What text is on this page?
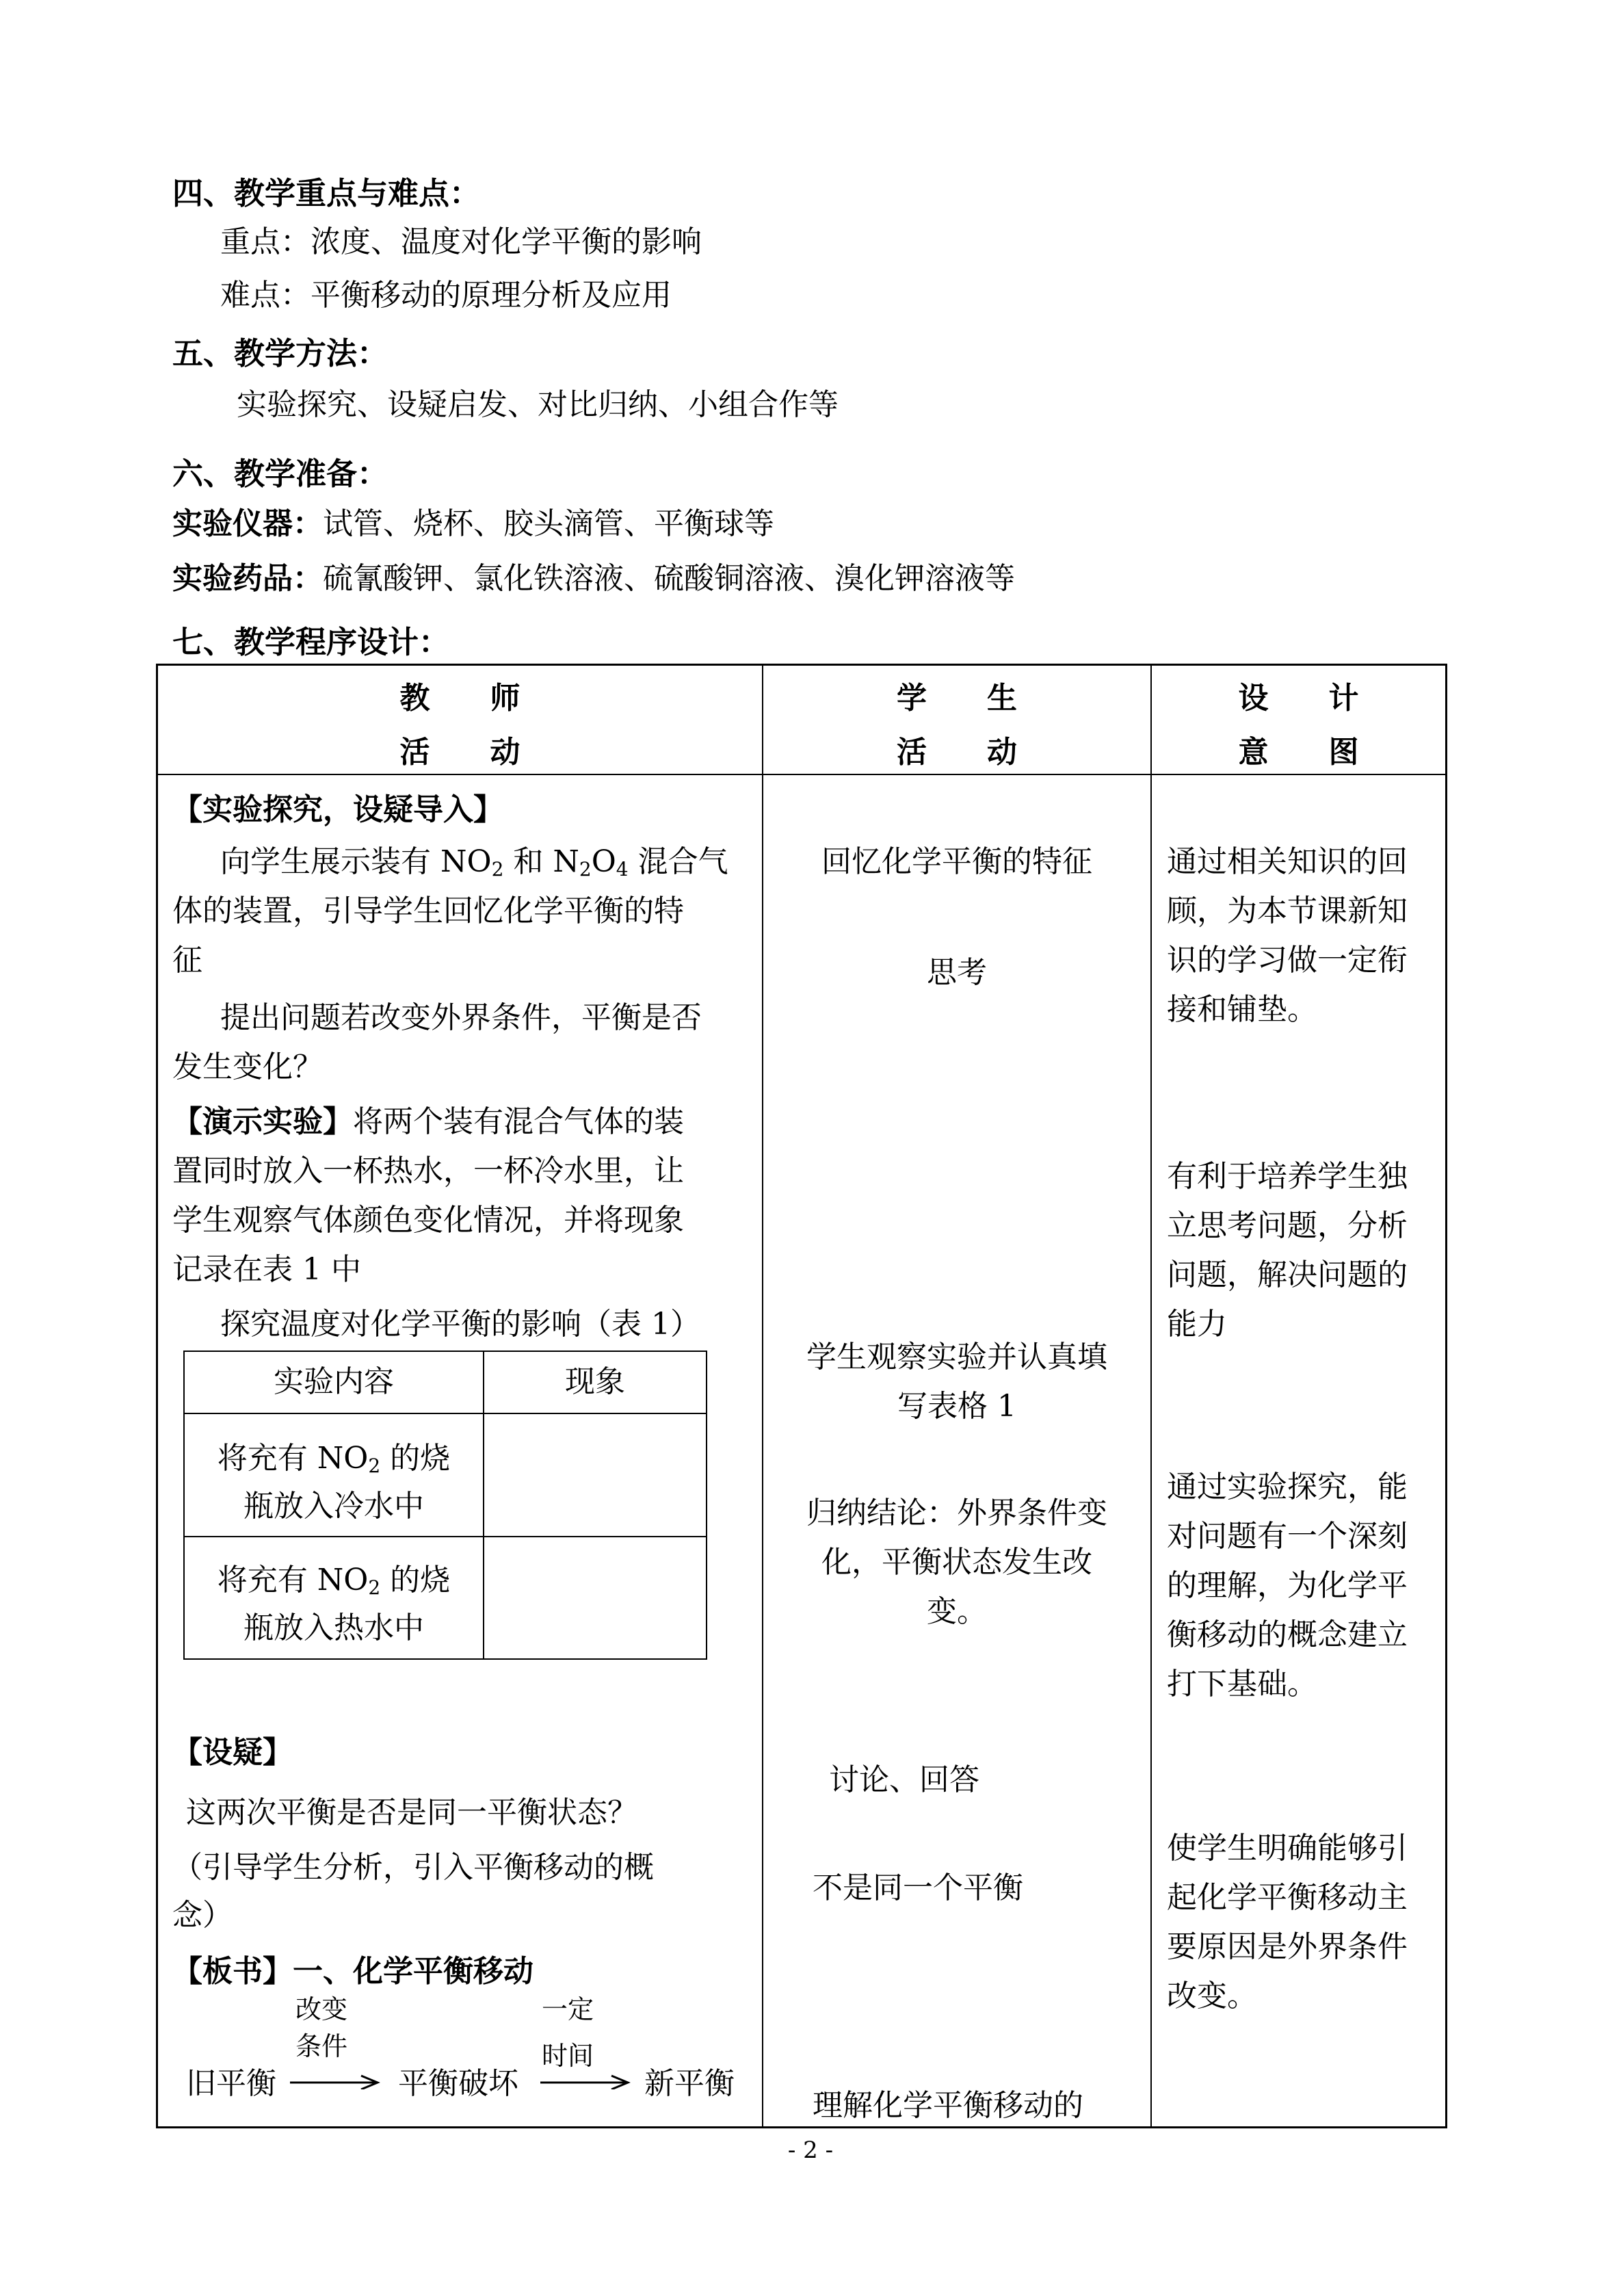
四、教学重点与难点：
重点：浓度、温度对化学平衡的影响
难点：平衡移动的原理分析及应用
五、教学方法：
实验探究、设疑启发、对比归纳、小组合作等
六、教学准备：
实验仪器：试管、烧杯、胶头滴管、平衡球等
实验药品：硫氰酸钾、氯化铁溶液、硫酸铜溶液、溴化钾溶液等
七、教学程序设计：
教　　师
活　　动
学　　生
活　　动
设　　计
意　　图
【实验探究，设疑导入】
向学生展示装有 $NO_2$ 和 $N_2O_4$ 混合气
体的装置，引导学生回忆化学平衡的特
征
提出问题若改变外界条件，平衡是否
发生变化？
【演示实验】将两个装有混合气体的装
置同时放入一杯热水，一杯冷水里，让
学生观察气体颜色变化情况，并将现象
记录在表 1 中
探究温度对化学平衡的影响（表 1）
实验内容	现象
将充有 $NO_2$ 的烧
瓶放入冷水中
将充有 $NO_2$ 的烧
瓶放入热水中
【设疑】
这两次平衡是否是同一平衡状态？
（引导学生分析，引入平衡移动的概
念）
【板书】一、化学平衡移动
旧平衡
改变
条件
平衡破坏
一定
时间
新平衡
回忆化学平衡的特征
思考
学生观察实验并认真填
写表格 1
归纳结论：外界条件变
化，平衡状态发生改
变。
讨论、回答
不是同一个平衡
理解化学平衡移动的
通过相关知识的回
顾，为本节课新知
识的学习做一定衔
接和铺垫。
有利于培养学生独
立思考问题，分析
问题，解决问题的
能力
通过实验探究，能
对问题有一个深刻
的理解，为化学平
衡移动的概念建立
打下基础。
使学生明确能够引
起化学平衡移动主
要原因是外界条件
改变。
- 2 -
